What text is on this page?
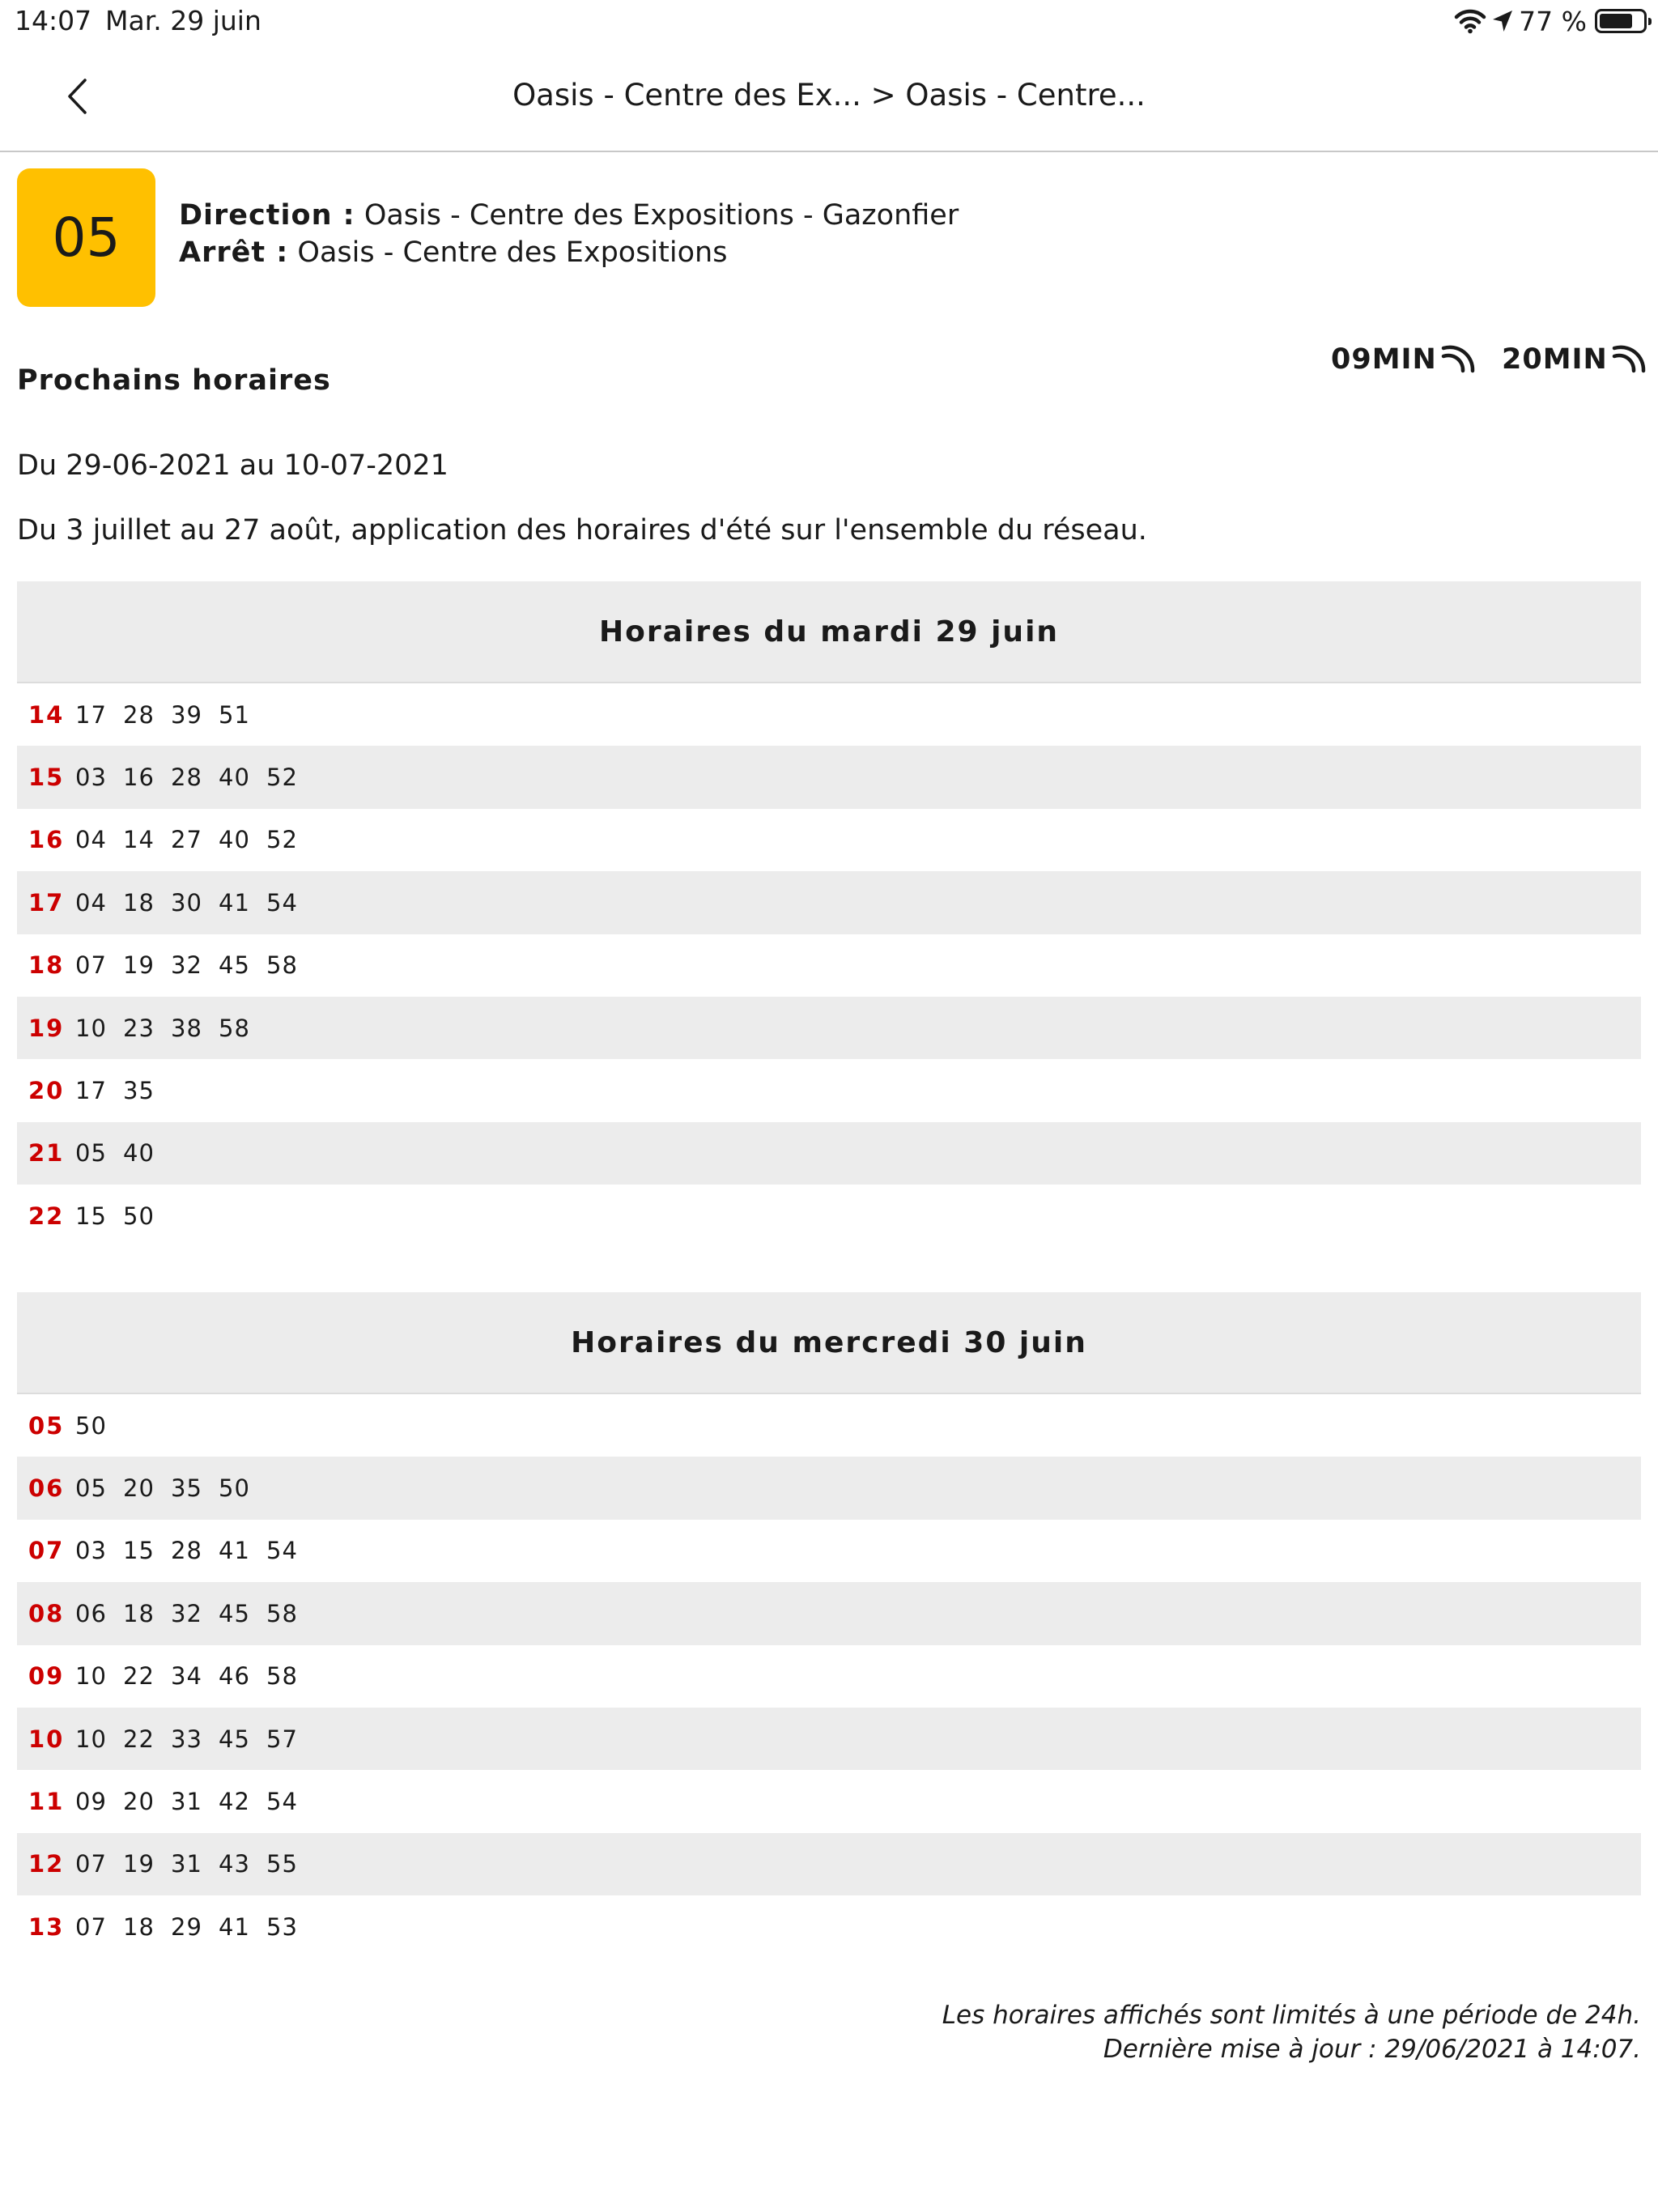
14:07 Mar. 29 juin	77 %
Oasis - Centre des Ex... > Oasis - Centre...
05	Direction : Oasis - Centre des Expositions - Gazonfier
Arrêt : Oasis - Centre des Expositions
Prochains horaires
09MIN 20MIN
Du 29-06-2021 au 10-07-2021
Du 3 juillet au 27 août, application des horaires d'été sur l'ensemble du réseau.
Horaires du mardi 29 juin
14 17 28 39 51
15 03 16 28 40 52
16 04 14 27 40 52
17 04 18 30 41 54
18 07 19 32 45 58
19 10 23 38 58
20 17 35
21 05 40
22 15 50
Horaires du mercredi 30 juin
05 50
06 05 20 35 50
07 03 15 28 41 54
08 06 18 32 45 58
09 10 22 34 46 58
10 10 22 33 45 57
11 09 20 31 42 54
12 07 19 31 43 55
13 07 18 29 41 53
Les horaires affichés sont limités à une période de 24h.
Dernière mise à jour : 29/06/2021 à 14:07.
